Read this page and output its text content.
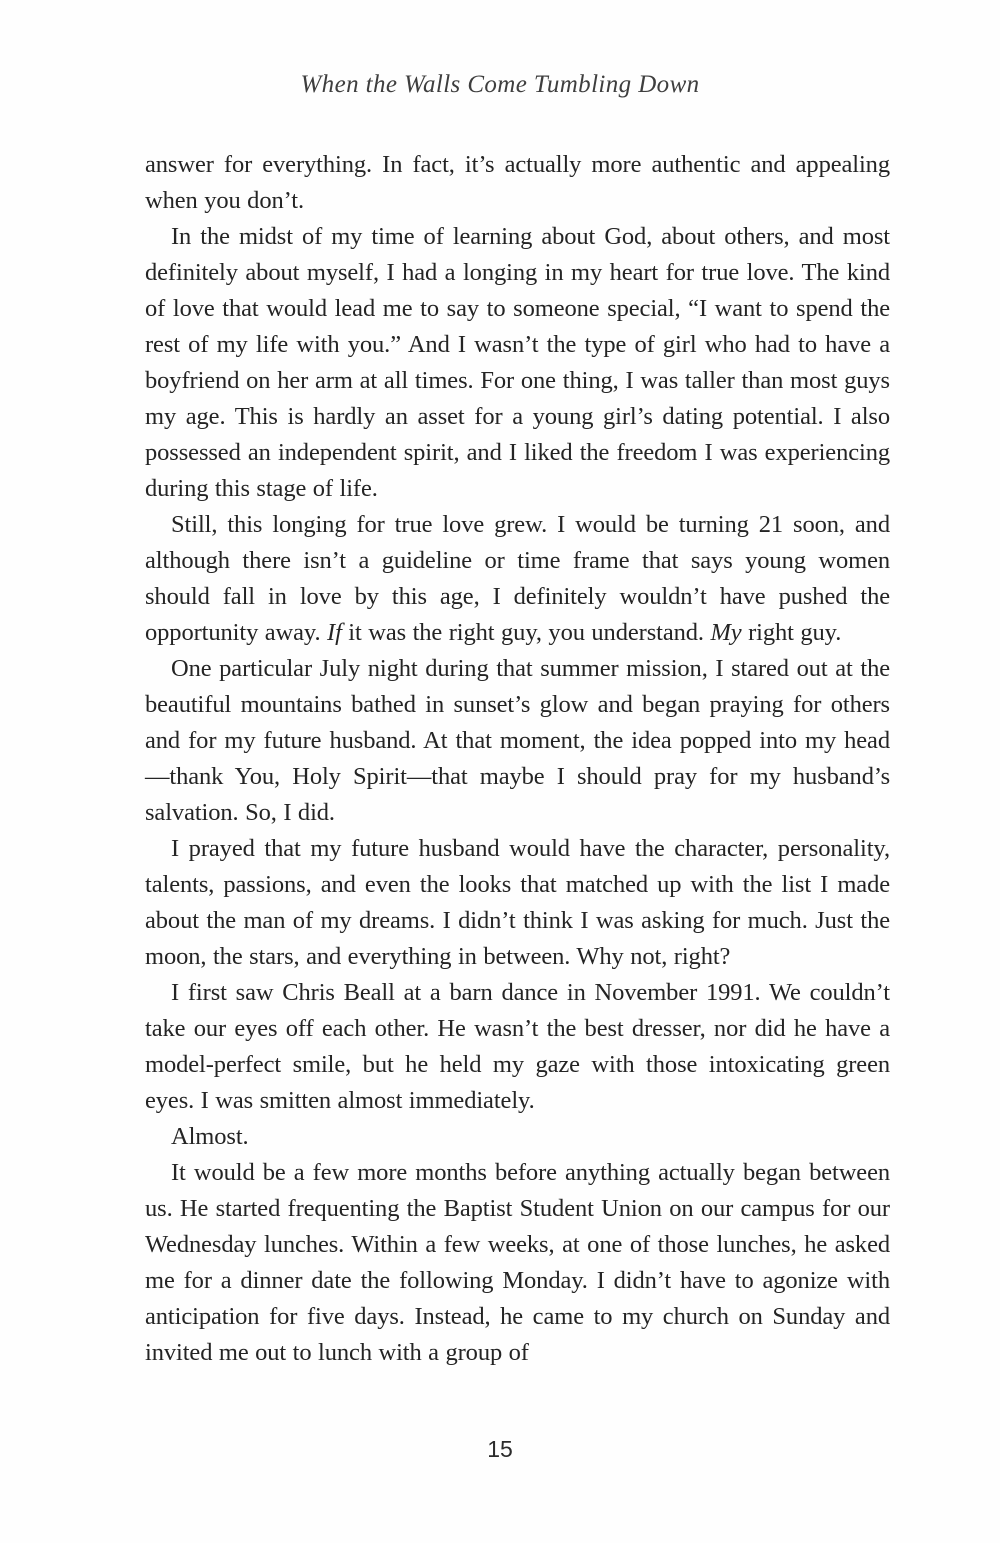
When the Walls Come Tumbling Down

answer for everything. In fact, it’s actually more authentic and appealing when you don’t.

In the midst of my time of learning about God, about others, and most definitely about myself, I had a longing in my heart for true love. The kind of love that would lead me to say to someone special, “I want to spend the rest of my life with you.” And I wasn’t the type of girl who had to have a boyfriend on her arm at all times. For one thing, I was taller than most guys my age. This is hardly an asset for a young girl’s dating potential. I also possessed an independent spirit, and I liked the freedom I was experiencing during this stage of life.

Still, this longing for true love grew. I would be turning 21 soon, and although there isn’t a guideline or time frame that says young women should fall in love by this age, I definitely wouldn’t have pushed the opportunity away. If it was the right guy, you understand. My right guy.

One particular July night during that summer mission, I stared out at the beautiful mountains bathed in sunset’s glow and began praying for others and for my future husband. At that moment, the idea popped into my head—thank You, Holy Spirit—that maybe I should pray for my husband’s salvation. So, I did.

I prayed that my future husband would have the character, personality, talents, passions, and even the looks that matched up with the list I made about the man of my dreams. I didn’t think I was asking for much. Just the moon, the stars, and everything in between. Why not, right?

I first saw Chris Beall at a barn dance in November 1991. We couldn’t take our eyes off each other. He wasn’t the best dresser, nor did he have a model-perfect smile, but he held my gaze with those intoxicating green eyes. I was smitten almost immediately.

Almost.

It would be a few more months before anything actually began between us. He started frequenting the Baptist Student Union on our campus for our Wednesday lunches. Within a few weeks, at one of those lunches, he asked me for a dinner date the following Monday. I didn’t have to agonize with anticipation for five days. Instead, he came to my church on Sunday and invited me out to lunch with a group of

15
